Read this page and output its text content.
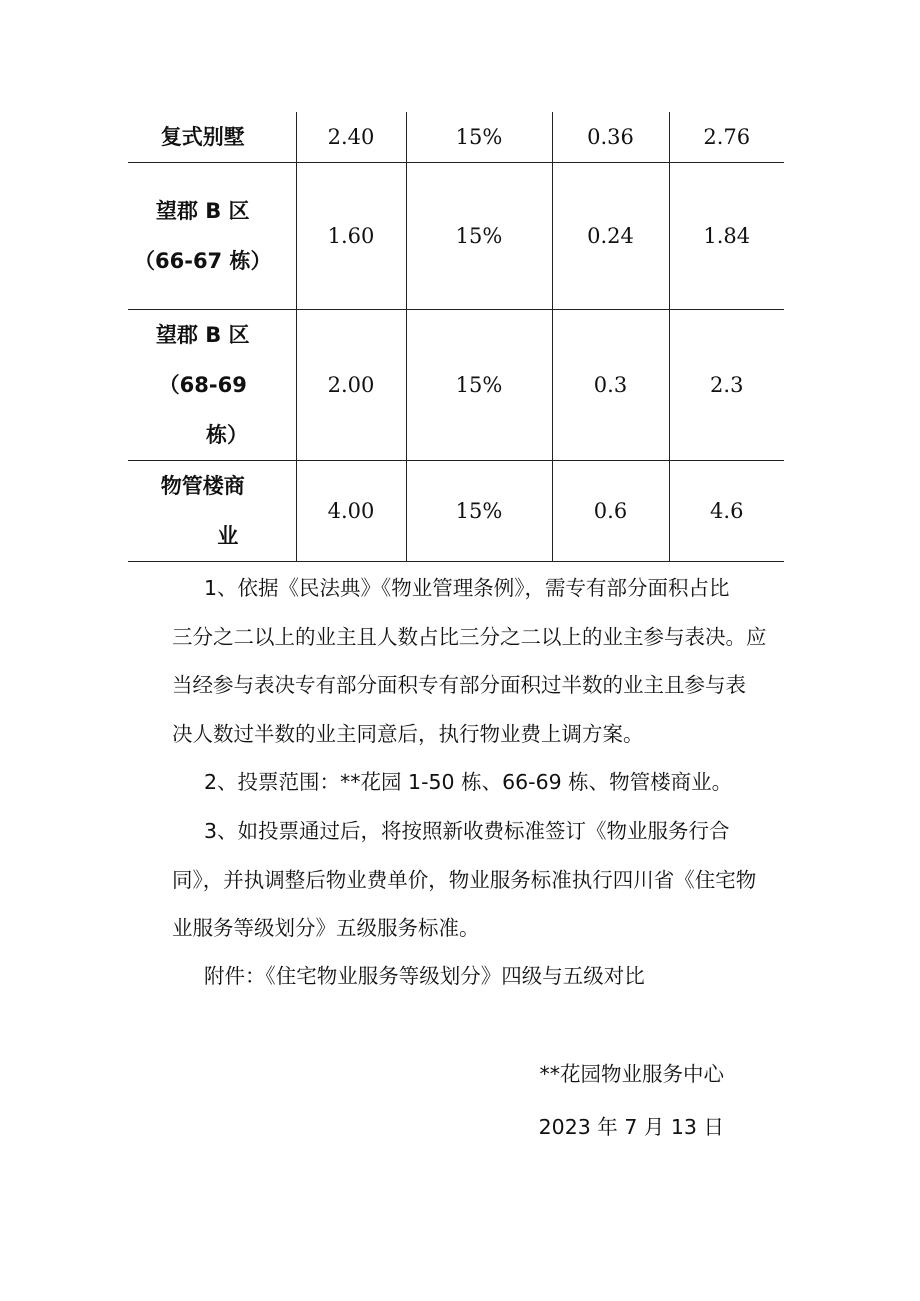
复式别墅	2.40	15%	0.36	2.76

望郡 B 区
（66-67 栋）	1.60	15%	0.24	1.84

望郡 B 区
（68-69
栋）	2.00	15%	0.3	2.3

物管楼商
业	4.00	15%	0.6	4.6
1、依据《民法典》《物业管理条例》，需专有部分面积占比
三分之二以上的业主且人数占比三分之二以上的业主参与表决。应
当经参与表决专有部分面积专有部分面积过半数的业主且参与表
决人数过半数的业主同意后，执行物业费上调方案。
2、投票范围：**花园 1-50 栋、66-69 栋、物管楼商业。
3、如投票通过后，将按照新收费标准签订《物业服务行合
同》，并执调整后物业费单价，物业服务标准执行四川省《住宅物
业服务等级划分》五级服务标准。
附件：《住宅物业服务等级划分》四级与五级对比
**花园物业服务中心
2023 年 7 月 13 日
